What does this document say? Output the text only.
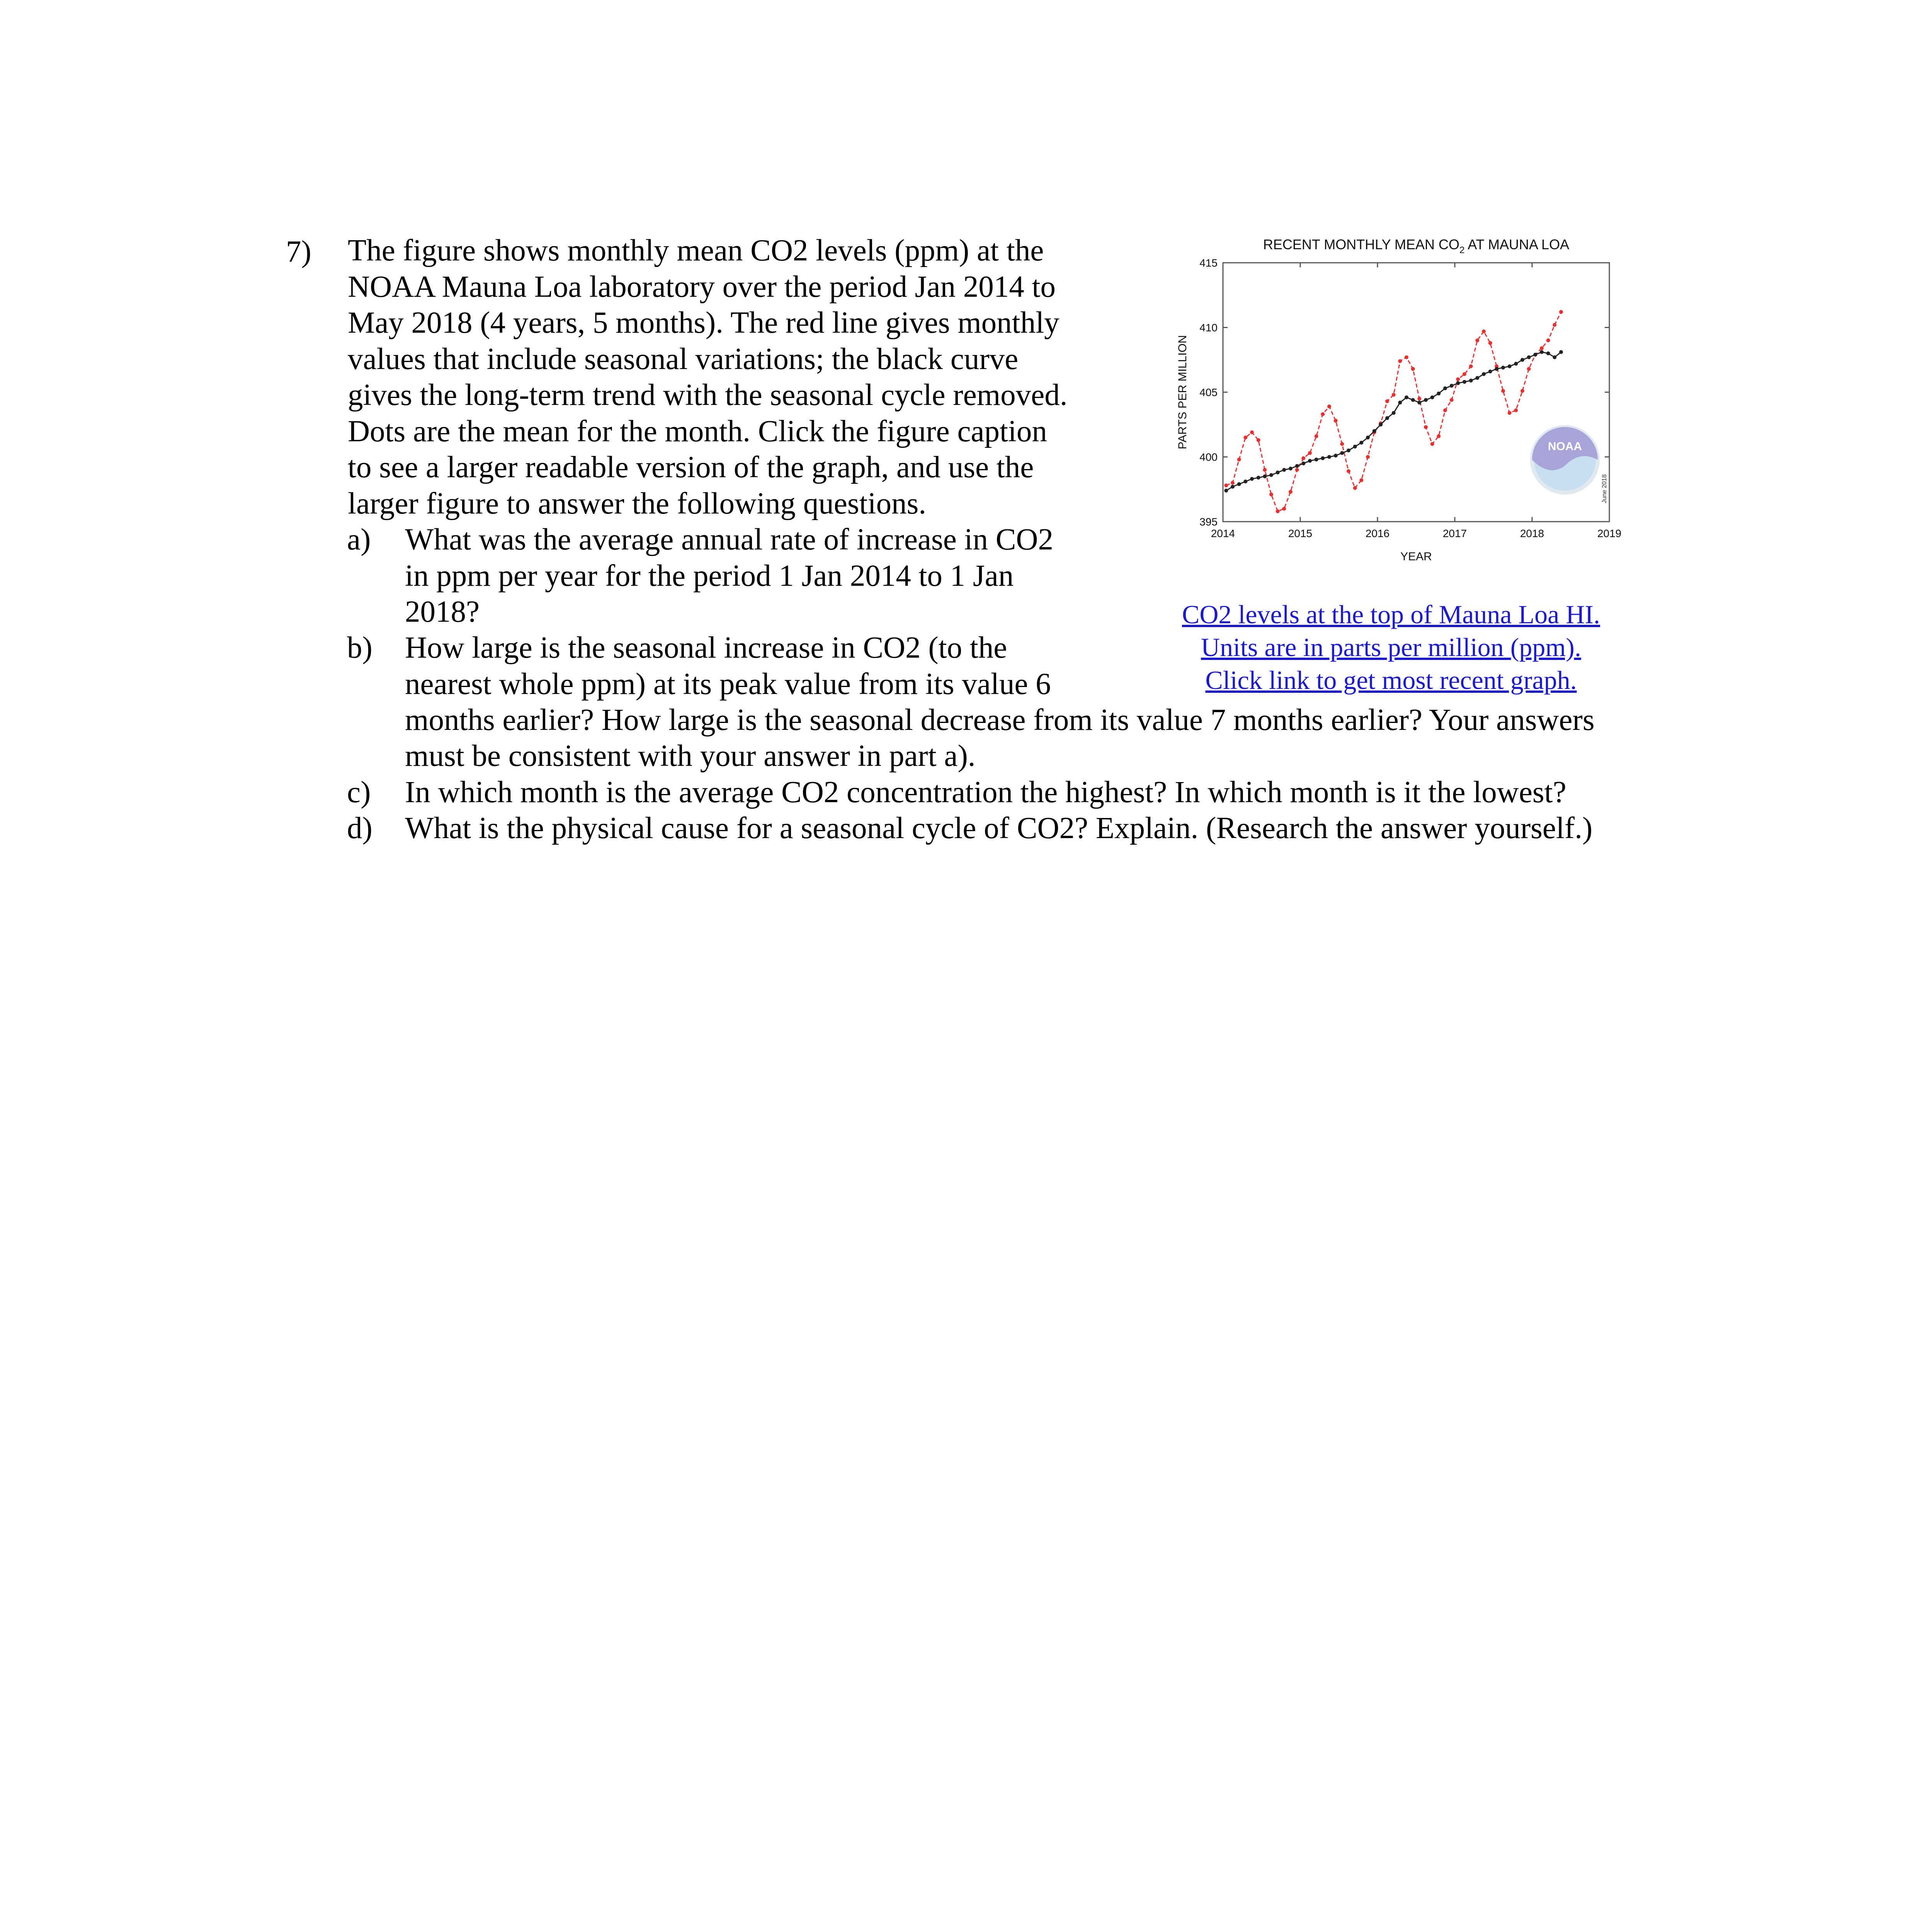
7) The figure shows monthly mean CO2 levels (ppm) at the
NOAA Mauna Loa laboratory over the period Jan 2014 to
May 2018 (4 years, 5 months). The red line gives monthly
values that include seasonal variations; the black curve
gives the long-term trend with the seasonal cycle removed.
Dots are the mean for the month. Click the figure caption
to see a larger readable version of the graph, and use the
larger figure to answer the following questions.

a)	What was the average annual rate of increase in CO2
in ppm per year for the period 1 Jan 2014 to 1 Jan
2018?
b)	How large is the seasonal increase in CO2 (to the
nearest whole ppm) at its peak value from its value 6
months earlier? How large is the seasonal decrease from its value 7 months earlier? Your answers
must be consistent with your answer in part a).
c)	In which month is the average CO2 concentration the highest? In which month is it the lowest?
d)	What is the physical cause for a seasonal cycle of CO2? Explain. (Research the answer yourself.)
RECENT MONTHLY MEAN $CO_2$ AT MAUNA LOA
395
400
405
410
415
2014	2015	2016	2017	2018	2019
PARTS PER MILLION
YEAR
NOAA
June 2018
CO2 levels at the top of Mauna Loa HI.
Units are in parts per million (ppm).
Click link to get most recent graph.
